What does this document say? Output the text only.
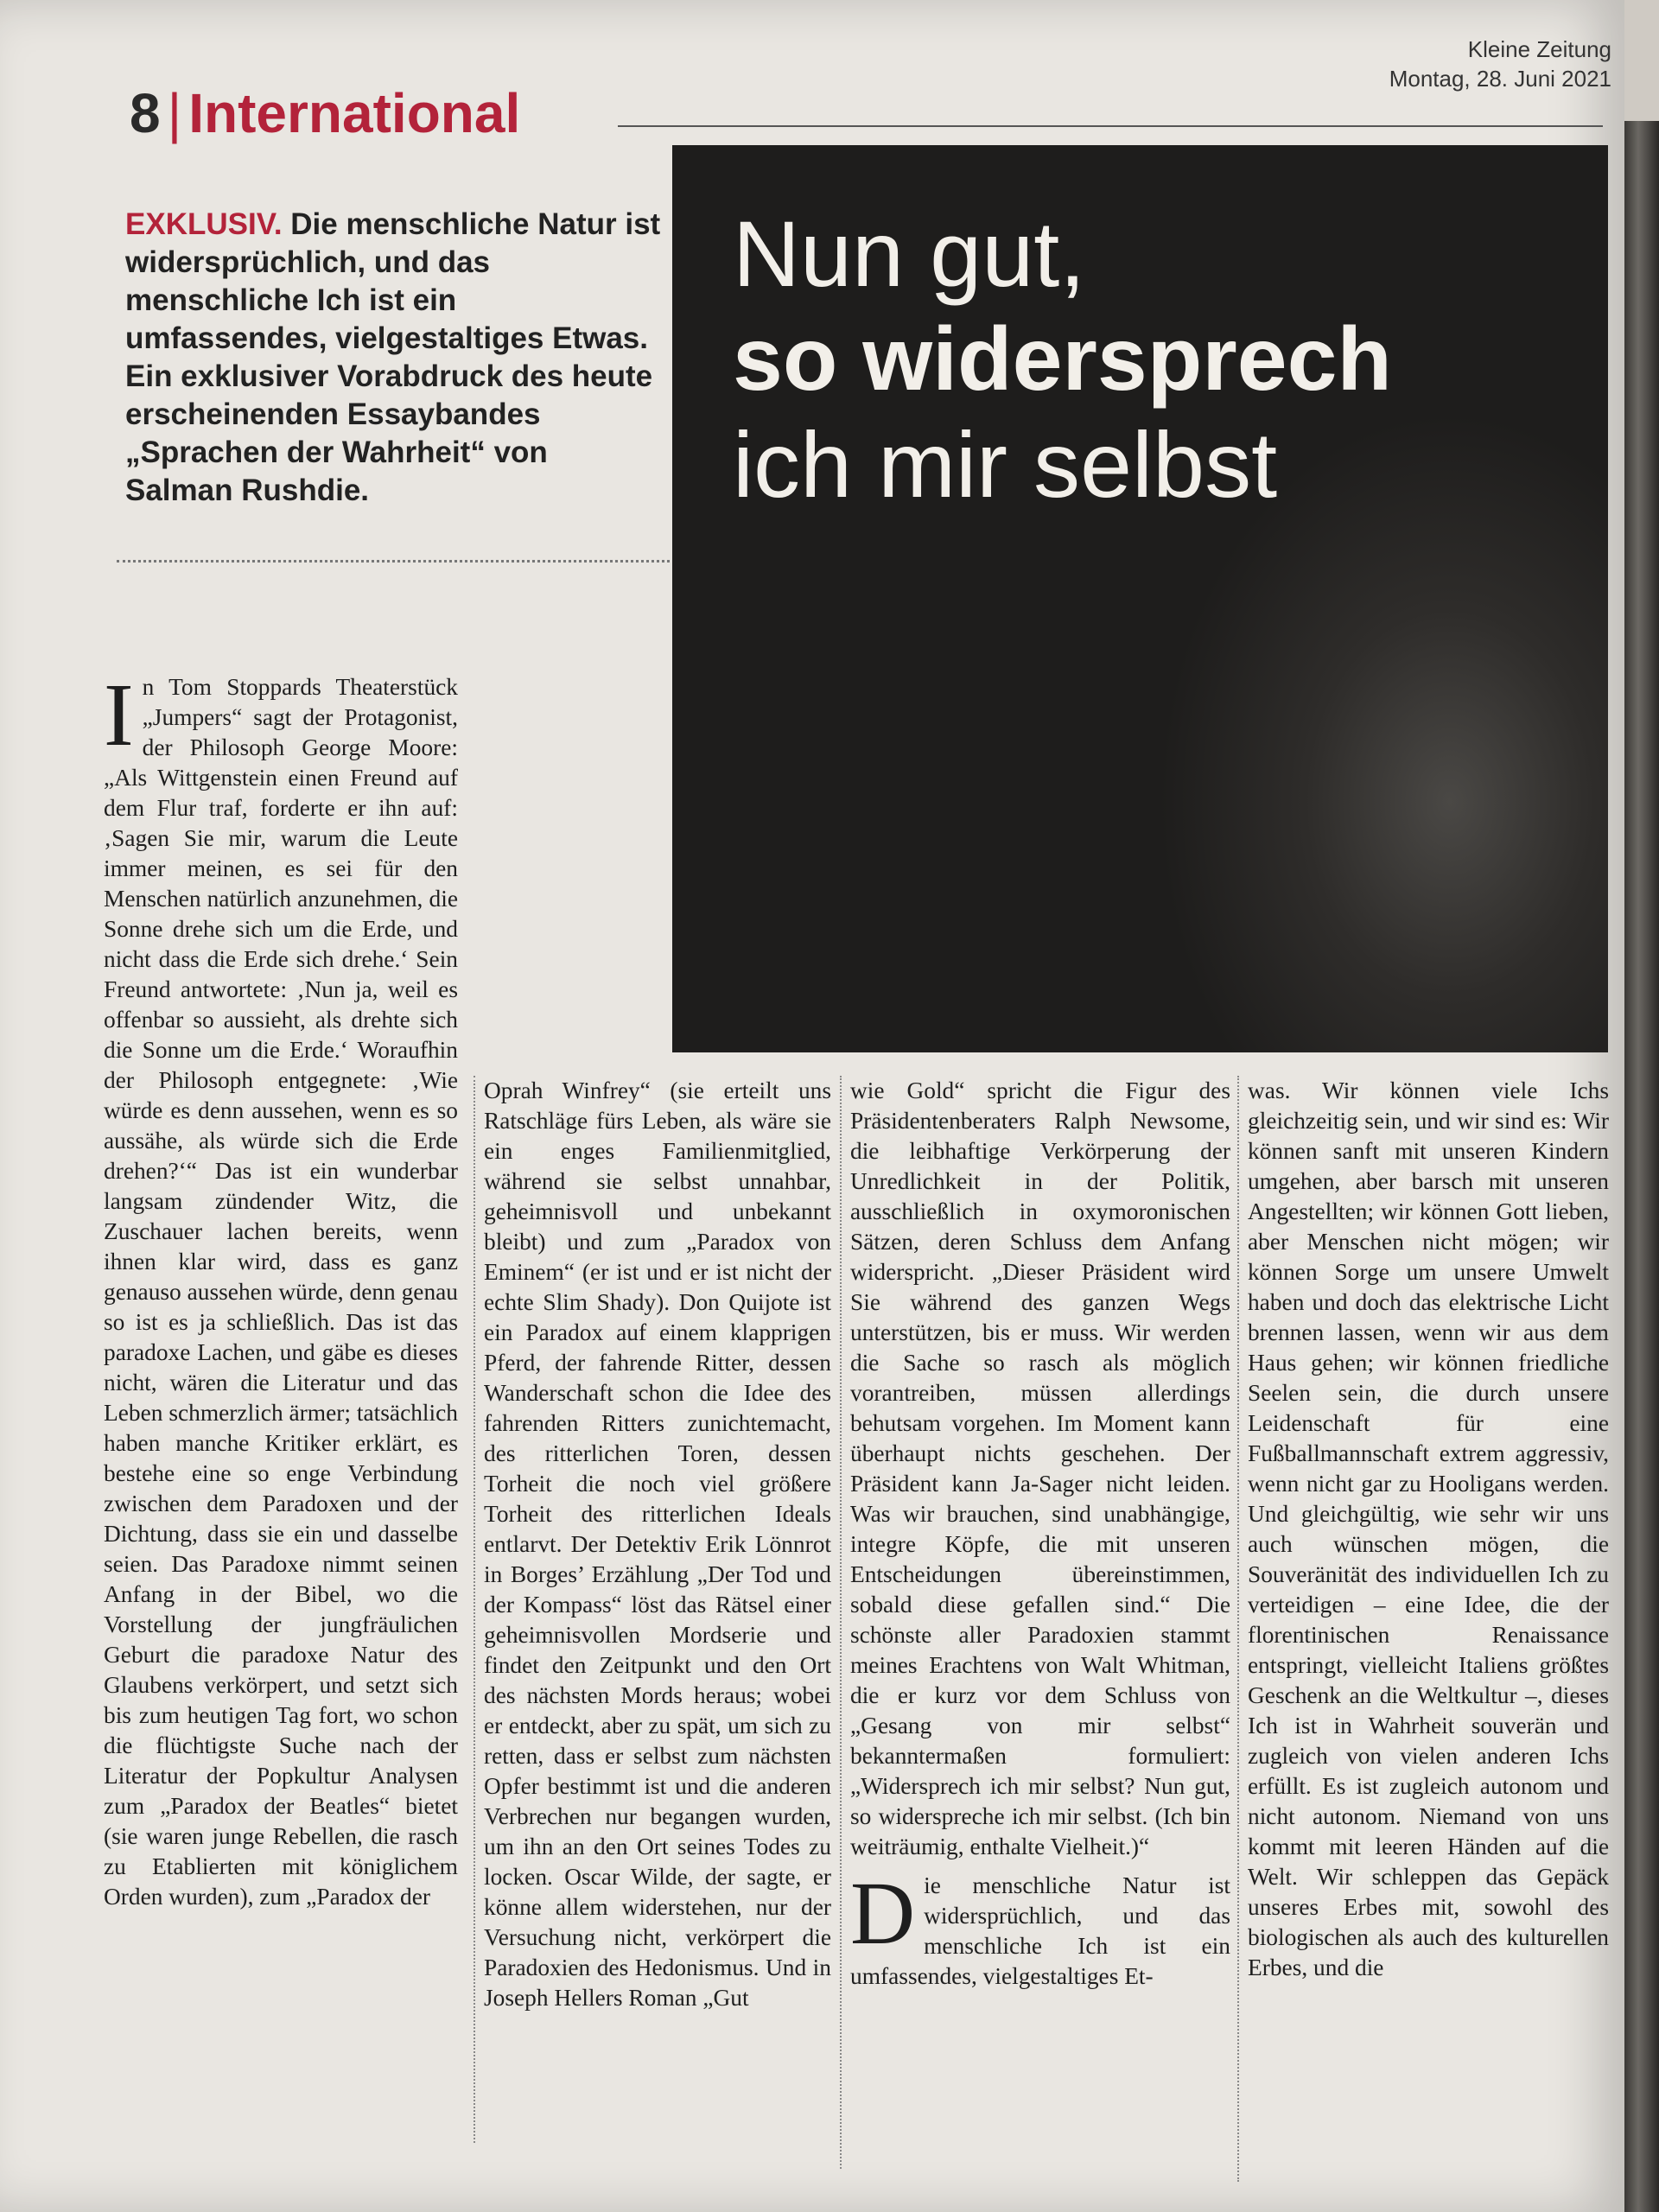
Kleine Zeitung
Montag, 28. Juni 2021
8 | International

EXKLUSIV. Die menschliche Natur ist widersprüchlich, und das menschliche Ich ist ein umfassendes, vielgestaltiges Etwas. Ein exklusiver Vorabdruck des heute erscheinenden Essaybandes „Sprachen der Wahrheit“ von Salman Rushdie.

Nun gut,

so widersprech

ich mir selbst

In Tom Stoppards Theaterstück „Jumpers“ sagt der Protagonist, der Philosoph George Moore: „Als Wittgenstein einen Freund auf dem Flur traf, forderte er ihn auf: ‚Sagen Sie mir, warum die Leute immer meinen, es sei für den Menschen natürlich anzunehmen, die Sonne drehe sich um die Erde, und nicht dass die Erde sich drehe.‘ Sein Freund antwortete: ‚Nun ja, weil es offenbar so aussieht, als drehte sich die Sonne um die Erde.‘ Woraufhin der Philosoph entgegnete: ‚Wie würde es denn aussehen, wenn es so aussähe, als würde sich die Erde drehen?‘“ Das ist ein wunderbar langsam zündender Witz, die Zuschauer lachen bereits, wenn ihnen klar wird, dass es ganz genauso aussehen würde, denn genau so ist es ja schließlich. Das ist das paradoxe Lachen, und gäbe es dieses nicht, wären die Literatur und das Leben schmerzlich ärmer; tatsächlich haben manche Kritiker erklärt, es bestehe eine so enge Verbindung zwischen dem Paradoxen und der Dichtung, dass sie ein und dasselbe seien. Das Paradoxe nimmt seinen Anfang in der Bibel, wo die Vorstellung der jungfräulichen Geburt die paradoxe Natur des Glaubens verkörpert, und setzt sich bis zum heutigen Tag fort, wo schon die flüchtigste Suche nach der Literatur der Popkultur Analysen zum „Paradox der Beatles“ bietet (sie waren junge Rebellen, die rasch zu Etablierten mit königlichem Orden wurden), zum „Paradox der
Oprah Winfrey“ (sie erteilt uns Ratschläge fürs Leben, als wäre sie ein enges Familienmitglied, während sie selbst unnahbar, geheimnisvoll und unbekannt bleibt) und zum „Paradox von Eminem“ (er ist und er ist nicht der echte Slim Shady). Don Quijote ist ein Paradox auf einem klapprigen Pferd, der fahrende Ritter, dessen Wanderschaft schon die Idee des fahrenden Ritters zunichtemacht, des ritterlichen Toren, dessen Torheit die noch viel größere Torheit des ritterlichen Ideals entlarvt. Der Detektiv Erik Lönnrot in Borges’ Erzählung „Der Tod und der Kompass“ löst das Rätsel einer geheimnisvollen Mordserie und findet den Zeitpunkt und den Ort des nächsten Mords heraus; wobei er entdeckt, aber zu spät, um sich zu retten, dass er selbst zum nächsten Opfer bestimmt ist und die anderen Verbrechen nur begangen wurden, um ihn an den Ort seines Todes zu locken. Oscar Wilde, der sagte, er könne allem widerstehen, nur der Versuchung nicht, verkörpert die Paradoxien des Hedonismus. Und in Joseph Hellers Roman „Gut
wie Gold“ spricht die Figur des Präsidentenberaters Ralph Newsome, die leibhaftige Verkörperung der Unredlichkeit in der Politik, ausschließlich in oxymoronischen Sätzen, deren Schluss dem Anfang widerspricht. „Dieser Präsident wird Sie während des ganzen Wegs unterstützen, bis er muss. Wir werden die Sache so rasch als möglich vorantreiben, müssen allerdings behutsam vorgehen. Im Moment kann überhaupt nichts geschehen. Der Präsident kann Ja-Sager nicht leiden. Was wir brauchen, sind unabhängige, integre Köpfe, die mit unseren Entscheidungen übereinstimmen, sobald diese gefallen sind.“ Die schönste aller Paradoxien stammt meines Erachtens von Walt Whitman, die er kurz vor dem Schluss von „Gesang von mir selbst“ bekanntermaßen formuliert: „Widersprech ich mir selbst? Nun gut, so widerspreche ich mir selbst. (Ich bin weiträumig, enthalte Vielheit.)“
Die menschliche Natur ist widersprüchlich, und das menschliche Ich ist ein umfassendes, vielgestaltiges Et-
was. Wir können viele Ichs gleichzeitig sein, und wir sind es: Wir können sanft mit unseren Kindern umgehen, aber barsch mit unseren Angestellten; wir können Gott lieben, aber Menschen nicht mögen; wir können Sorge um unsere Umwelt haben und doch das elektrische Licht brennen lassen, wenn wir aus dem Haus gehen; wir können friedliche Seelen sein, die durch unsere Leidenschaft für eine Fußballmannschaft extrem aggressiv, wenn nicht gar zu Hooligans werden. Und gleichgültig, wie sehr wir uns auch wünschen mögen, die Souveränität des individuellen Ich zu verteidigen – eine Idee, die der florentinischen Renaissance entspringt, vielleicht Italiens größtes Geschenk an die Weltkultur –, dieses Ich ist in Wahrheit souverän und zugleich von vielen anderen Ichs erfüllt. Es ist zugleich autonom und nicht autonom. Niemand von uns kommt mit leeren Händen auf die Welt. Wir schleppen das Gepäck unseres Erbes mit, sowohl des biologischen als auch des kulturellen Erbes, und die
